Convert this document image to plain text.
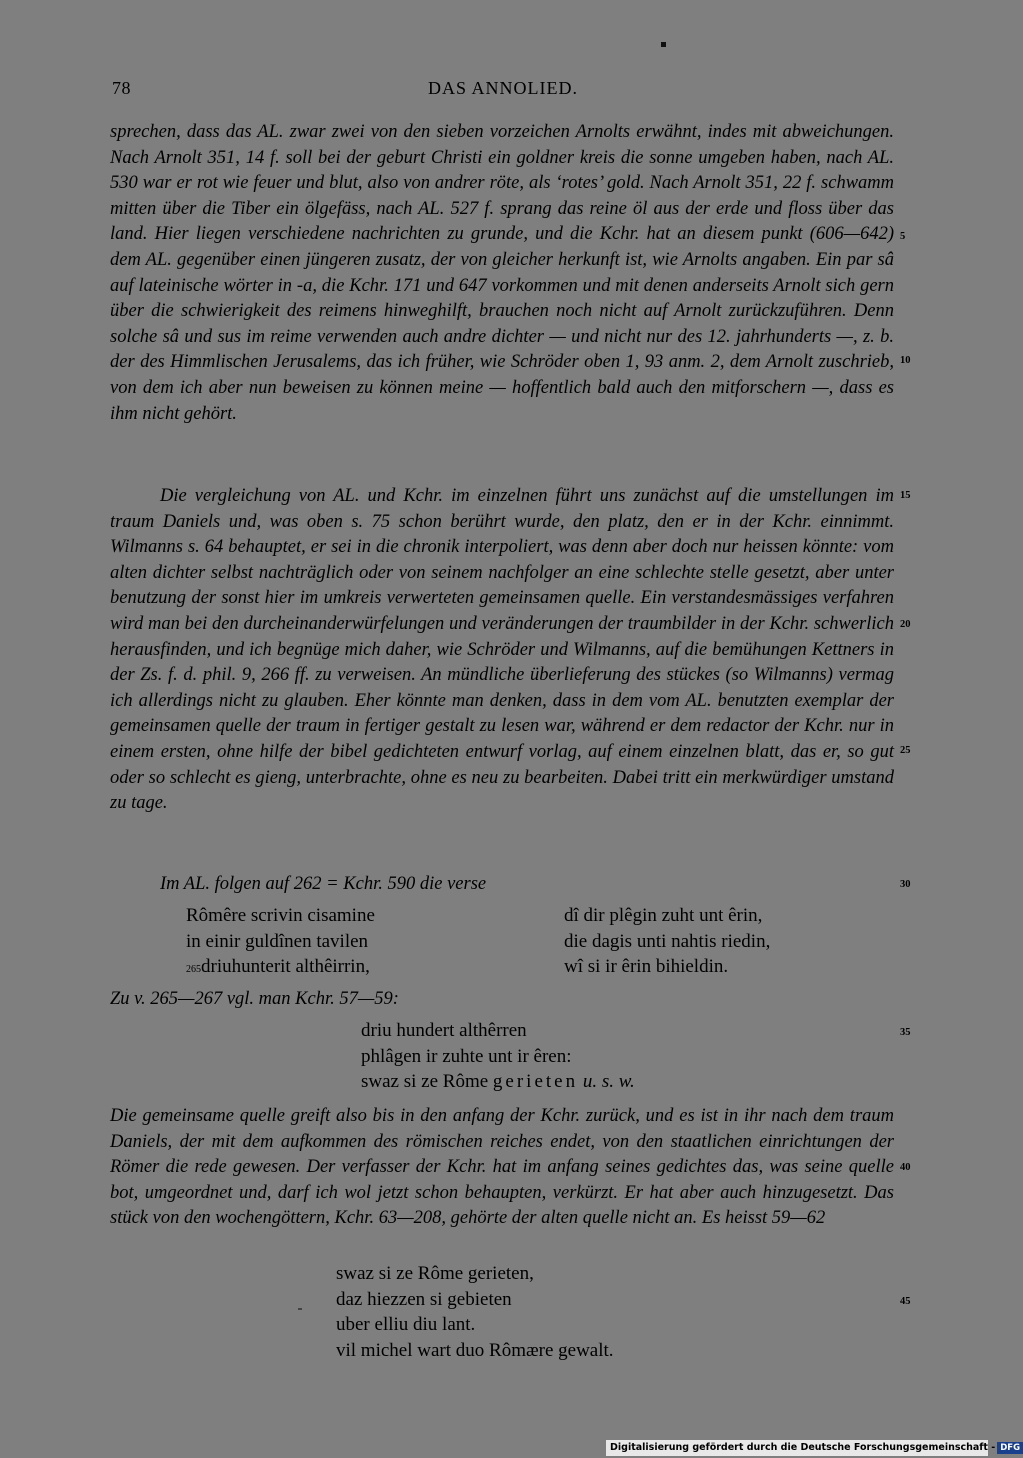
78	DAS ANNOLIED.

sprechen, dass das AL. zwar zwei von den sieben vorzeichen Arnolts erwähnt, indes mit abweichungen. Nach Arnolt 351, 14 f. soll bei der geburt Christi ein goldner kreis die sonne umgeben haben, nach AL. 530 war er rot wie feuer und blut, also von andrer röte, als ‘rotes’ gold. Nach Arnolt 351, 22 f. schwamm mitten über die Tiber ein ölgefäss, nach AL. 527 f. sprang das reine öl aus der erde und floss über das land. Hier liegen verschiedene nachrichten zu grunde, und die Kchr. hat an diesem punkt (606—642) dem AL. gegenüber einen jüngeren zusatz, der von gleicher herkunft ist, wie Arnolts angaben. Ein par sâ auf lateinische wörter in -a, die Kchr. 171 und 647 vorkommen und mit denen anderseits Arnolt sich gern über die schwierigkeit des reimens hinweghilft, brauchen noch nicht auf Arnolt zurückzuführen. Denn solche sâ und sus im reime verwenden auch andre dichter — und nicht nur des 12. jahrhunderts —, z. b. der des Himmlischen Jerusalems, das ich früher, wie Schröder oben 1, 93 anm. 2, dem Arnolt zuschrieb, von dem ich aber nun beweisen zu können meine — hoffentlich bald auch den mitforschern —, dass es ihm nicht gehört.

Die vergleichung von AL. und Kchr. im einzelnen führt uns zunächst auf die umstellungen im traum Daniels und, was oben s. 75 schon berührt wurde, den platz, den er in der Kchr. einnimmt. Wilmanns s. 64 behauptet, er sei in die chronik interpoliert, was denn aber doch nur heissen könnte: vom alten dichter selbst nachträglich oder von seinem nachfolger an eine schlechte stelle gesetzt, aber unter benutzung der sonst hier im umkreis verwerteten gemeinsamen quelle. Ein verstandesmässiges verfahren wird man bei den durcheinanderwürfelungen und veränderungen der traumbilder in der Kchr. schwerlich herausfinden, und ich begnüge mich daher, wie Schröder und Wilmanns, auf die bemühungen Kettners in der Zs. f. d. phil. 9, 266 ff. zu verweisen. An mündliche überlieferung des stückes (so Wilmanns) vermag ich allerdings nicht zu glauben. Eher könnte man denken, dass in dem vom AL. benutzten exemplar der gemeinsamen quelle der traum in fertiger gestalt zu lesen war, während er dem redactor der Kchr. nur in einem ersten, ohne hilfe der bibel gedichteten entwurf vorlag, auf einem einzelnen blatt, das er, so gut oder so schlecht es gieng, unterbrachte, ohne es neu zu bearbeiten. Dabei tritt ein merkwürdiger umstand zu tage.

Im AL. folgen auf 262 = Kchr. 590 die verse

Rômêre scrivin cisamine
in einir guldînen tavilen
265driuhunterit althêirrin,
dî dir plêgin zuht unt êrin,
die dagis unti nahtis riedin,
wî si ir êrin bihieldin.

Zu v. 265—267 vgl. man Kchr. 57—59:

driu hundert althêrren
phlâgen ir zuhte unt ir êren:
swaz si ze Rôme gerieten u. s. w.

Die gemeinsame quelle greift also bis in den anfang der Kchr. zurück, und es ist in ihr nach dem traum Daniels, der mit dem aufkommen des römischen reiches endet, von den staatlichen einrichtungen der Römer die rede gewesen. Der verfasser der Kchr. hat im anfang seines gedichtes das, was seine quelle bot, umgeordnet und, darf ich wol jetzt schon behaupten, verkürzt. Er hat aber auch hinzugesetzt. Das stück von den wochengöttern, Kchr. 63—208, gehörte der alten quelle nicht an. Es heisst 59—62

swaz si ze Rôme gerieten,
daz hiezzen si gebieten
uber elliu diu lant.
vil michel wart duo Rômære gewalt.
5
10
15
20
25
30
35
40
45
Digitalisierung gefördert durch die Deutsche Forschungsgemeinschaft - DFG
